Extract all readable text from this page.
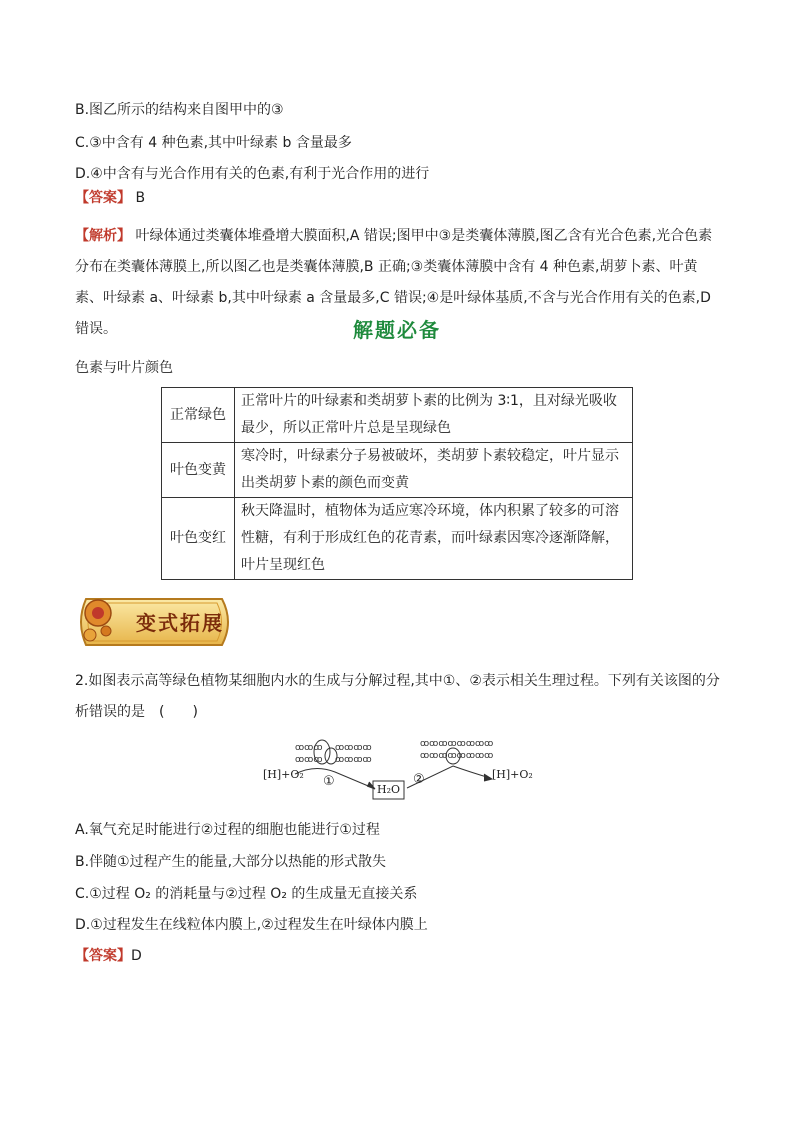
B.图乙所示的结构来自图甲中的③
C.③中含有 4 种色素,其中叶绿素 b 含量最多
D.④中含有与光合作用有关的色素,有利于光合作用的进行
【答案】 B
【解析】 叶绿体通过类囊体堆叠增大膜面积,A 错误;图甲中③是类囊体薄膜,图乙含有光合色素,光合色素分布在类囊体薄膜上,所以图乙也是类囊体薄膜,B 正确;③类囊体薄膜中含有 4 种色素,胡萝卜素、叶黄素、叶绿素 a、叶绿素 b,其中叶绿素 a 含量最多,C 错误;④是叶绿体基质,不含与光合作用有关的色素,D 错误。	解题必备
色素与叶片颜色
正常绿色	正常叶片的叶绿素和类胡萝卜素的比例为 3∶1，且对绿光吸收最少，所以正常叶片总是呈现绿色
叶色变黄	寒冷时，叶绿素分子易被破坏，类胡萝卜素较稳定，叶片显示出类胡萝卜素的颜色而变黄
叶色变红	秋天降温时，植物体为适应寒冷环境，体内积累了较多的可溶性糖，有利于形成红色的花青素，而叶绿素因寒冷逐渐降解，叶片呈现红色
变式拓展
2.如图表示高等绿色植物某细胞内水的生成与分解过程,其中①、②表示相关生理过程。下列有关该图的分析错误的是　(　　)
ꝏꝏꝏ ꝏꝏꝏꝏ
ꝏꝏꝏ ꝏꝏꝏꝏ
ꝏꝏꝏꝏꝏꝏꝏꝏ
ꝏꝏꝏꝏꝏꝏꝏꝏ
[H]+O₂ ①
H₂O
②	[H]+O₂
A.氧气充足时能进行②过程的细胞也能进行①过程
B.伴随①过程产生的能量,大部分以热能的形式散失
C.①过程 O₂ 的消耗量与②过程 O₂ 的生成量无直接关系
D.①过程发生在线粒体内膜上,②过程发生在叶绿体内膜上
【答案】D
